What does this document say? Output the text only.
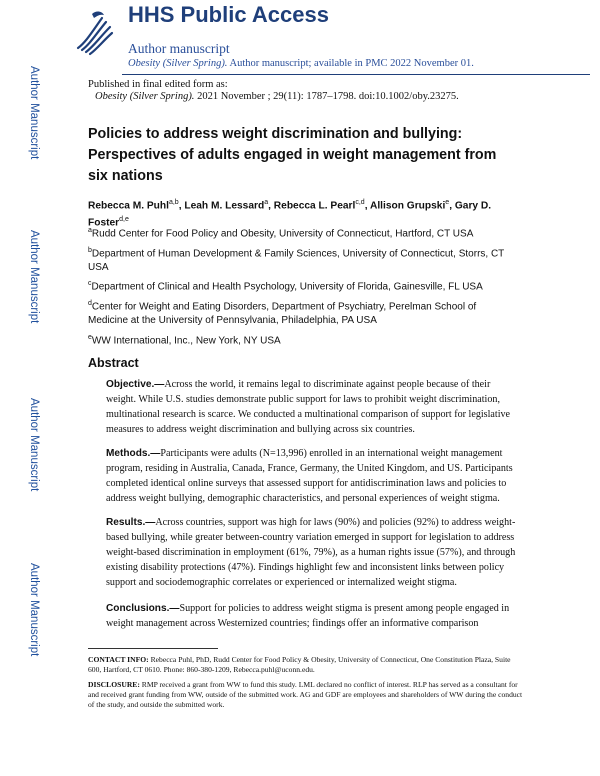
Author Manuscript
Author Manuscript
Author Manuscript
Author Manuscript
HHS Public Access
Author manuscript
Obesity (Silver Spring). Author manuscript; available in PMC 2022 November 01.
Published in final edited form as:
Obesity (Silver Spring). 2021 November ; 29(11): 1787–1798. doi:10.1002/oby.23275.
Policies to address weight discrimination and bullying: Perspectives of adults engaged in weight management from six nations
Rebecca M. Puhl$^{a,b}$, Leah M. Lessard$^a$, Rebecca L. Pearl$^{c,d}$, Allison Grupski$^e$, Gary D. Foster$^{d,e}$
$^a$Rudd Center for Food Policy and Obesity, University of Connecticut, Hartford, CT USA
$^b$Department of Human Development & Family Sciences, University of Connecticut, Storrs, CT USA
$^c$Department of Clinical and Health Psychology, University of Florida, Gainesville, FL USA
$^d$Center for Weight and Eating Disorders, Department of Psychiatry, Perelman School of Medicine at the University of Pennsylvania, Philadelphia, PA USA
$^e$WW International, Inc., New York, NY USA
Abstract
Objective.—Across the world, it remains legal to discriminate against people because of their weight. While U.S. studies demonstrate public support for laws to prohibit weight discrimination, multinational research is scarce. We conducted a multinational comparison of support for legislative measures to address weight discrimination and bullying across six countries.
Methods.—Participants were adults (N=13,996) enrolled in an international weight management program, residing in Australia, Canada, France, Germany, the United Kingdom, and US. Participants completed identical online surveys that assessed support for antidiscrimination laws and policies to address weight bullying, demographic characteristics, and personal experiences of weight stigma.
Results.—Across countries, support was high for laws (90%) and policies (92%) to address weight-based bullying, while greater between-country variation emerged in support for legislation to address weight-based discrimination in employment (61%, 79%), as a human rights issue (57%), and through existing disability protections (47%). Findings highlight few and inconsistent links between policy support and sociodemographic correlates or experienced or internalized weight stigma.
Conclusions.—Support for policies to address weight stigma is present among people engaged in weight management across Westernized countries; findings offer an informative comparison
CONTACT INFO: Rebecca Puhl, PhD, Rudd Center for Food Policy & Obesity, University of Connecticut, One Constitution Plaza, Suite 600, Hartford, CT 0610. Phone: 860-380-1209, Rebecca.puhl@uconn.edu.
DISCLOSURE: RMP received a grant from WW to fund this study. LML declared no conflict of interest. RLP has served as a consultant for and received grant funding from WW, outside of the submitted work. AG and GDF are employees and shareholders of WW during the conduct of the study, and outside the submitted work.
